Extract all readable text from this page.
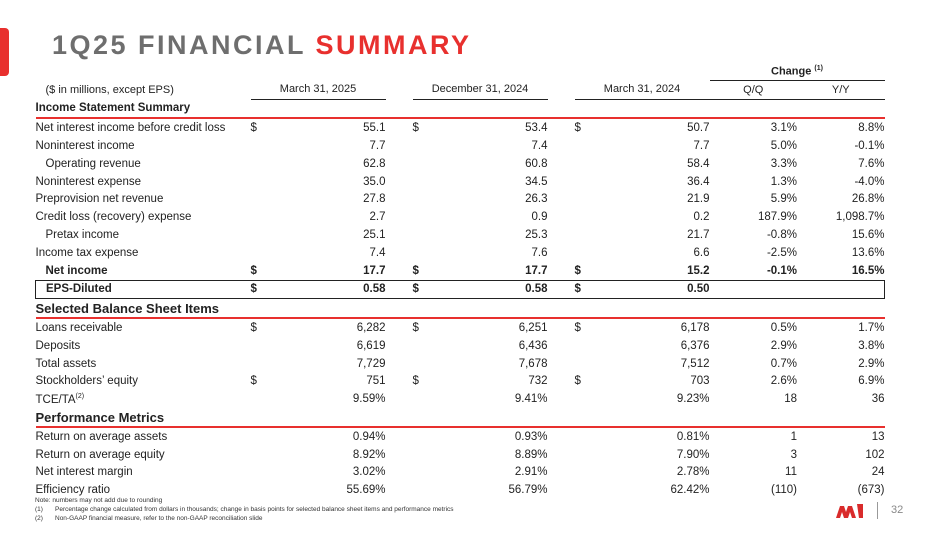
1Q25 FINANCIAL SUMMARY
									Change $^{(1)}$
($ in millions, except EPS)	March 31, 2025			December 31, 2024			March 31, 2024		Q/Q	Y/Y
Income Statement Summary										
Net interest income before credit loss	$	55.1		$	53.4		$	50.7	3.1%	8.8%
Noninterest income		7.7			7.4			7.7	5.0%	-0.1%
Operating revenue		62.8			60.8			58.4	3.3%	7.6%
Noninterest expense		35.0			34.5			36.4	1.3%	-4.0%
Preprovision net revenue		27.8			26.3			21.9	5.9%	26.8%
Credit loss (recovery) expense		2.7			0.9			0.2	187.9%	1,098.7%
Pretax income		25.1			25.3			21.7	-0.8%	15.6%
Income tax expense		7.4			7.6			6.6	-2.5%	13.6%
Net income	$	17.7		$	17.7		$	15.2	-0.1%	16.5%
EPS-Diluted	$	0.58		$	0.58		$	0.50		
Selected Balance Sheet Items										
Loans receivable	$	6,282		$	6,251		$	6,178	0.5%	1.7%
Deposits		6,619			6,436			6,376	2.9%	3.8%
Total assets		7,729			7,678			7,512	0.7%	2.9%
Stockholders’ equity	$	751		$	732		$	703	2.6%	6.9%
TCE/TA$^{(2)}$		9.59%			9.41%			9.23%	18	36
Performance Metrics										
Return on average assets		0.94%			0.93%			0.81%	1	13
Return on average equity		8.92%			8.89%			7.90%	3	102
Net interest margin		3.02%			2.91%			2.78%	11	24
Efficiency ratio		55.69%			56.79%			62.42%	(110)	(673)
Note: numbers may not add due to rounding
(1) Percentage change calculated from dollars in thousands; change in basis points for selected balance sheet items and performance metrics
(2) Non-GAAP financial measure, refer to the non-GAAP reconciliation slide
32
